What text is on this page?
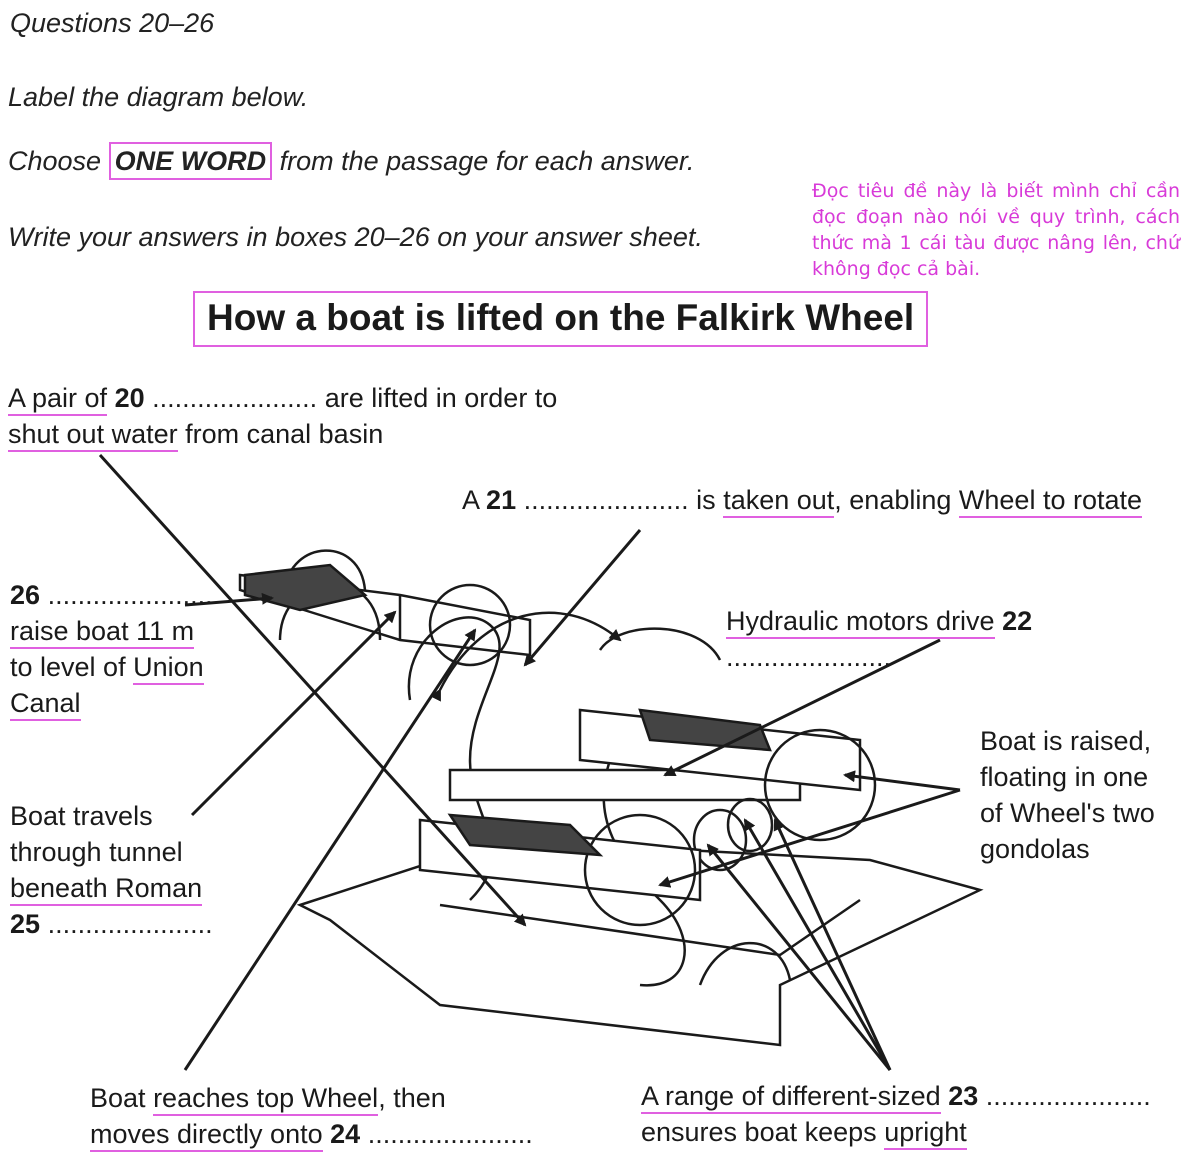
Questions 20–26
Label the diagram below.
Choose ONE WORD from the passage for each answer.
Write your answers in boxes 20–26 on your answer sheet.
Đọc tiêu đề này là biết mình chỉ cần đọc đoạn nào nói về quy trình, cách thức mà 1 cái tàu được nâng lên, chứ không đọc cả bài.
How a boat is lifted on the Falkirk Wheel
A pair of 20 ...................... are lifted in order to
shut out water from canal basin
A 21 ...................... is taken out, enabling Wheel to rotate
26 ......................
raise boat 11 m
to level of Union
Canal
Hydraulic motors drive 22 ......................
Boat is raised,
floating in one
of Wheel's two
gondolas
Boat travels
through tunnel
beneath Roman
25 ......................
Boat reaches top Wheel, then
moves directly onto 24 ......................
A range of different-sized 23 ......................
ensures boat keeps upright
